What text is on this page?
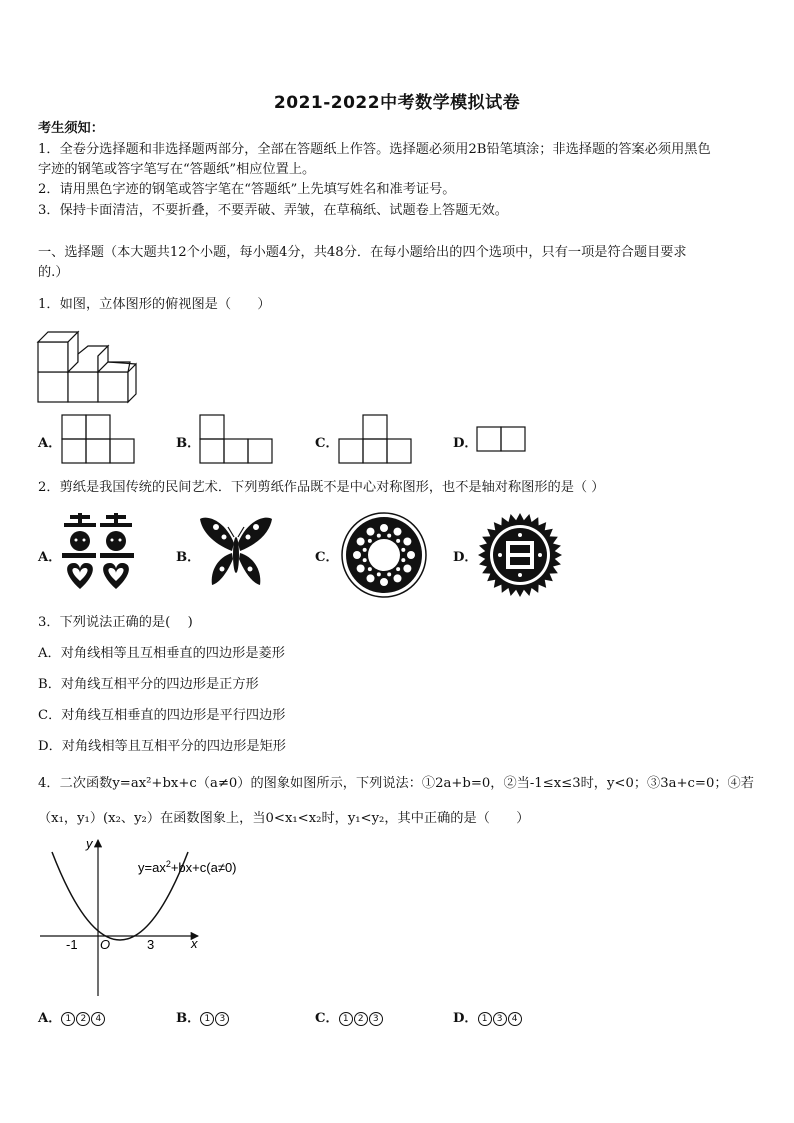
2021-2022中考数学模拟试卷
考生须知：
1．全卷分选择题和非选择题两部分，全部在答题纸上作答。选择题必须用2B铅笔填涂；非选择题的答案必须用黑色
字迹的钢笔或答字笔写在“答题纸”相应位置上。
2．请用黑色字迹的钢笔或答字笔在“答题纸”上先填写姓名和准考证号。
3．保持卡面清洁，不要折叠，不要弄破、弄皱，在草稿纸、试题卷上答题无效。
一、选择题（本大题共12个小题，每小题4分，共48分．在每小题给出的四个选项中，只有一项是符合题目要求
的.）
1．如图，立体图形的俯视图是（　　）
A．	B．	C．	D．
2．剪纸是我国传统的民间艺术．下列剪纸作品既不是中心对称图形，也不是轴对称图形的是（ ）
A．	B．	C．	D．
3．下列说法正确的是(　 )
A．对角线相等且互相垂直的四边形是菱形
B．对角线互相平分的四边形是正方形
C．对角线互相垂直的四边形是平行四边形
D．对角线相等且互相平分的四边形是矩形
4．二次函数y=ax²+bx+c（a≠0）的图象如图所示，下列说法：①2a+b=0，②当-1≤x≤3时，y<0；③3a+c=0；④若
（x₁，y₁）(x₂、y₂）在函数图象上，当0<x₁<x₂时，y₁<y₂，其中正确的是（　　）
y
x
O
-1	3
$y=ax^2+bx+c(a\ne 0)$
A． 1 2 4	B． 1 3	C． 1 2 3	D． 1 3 4
